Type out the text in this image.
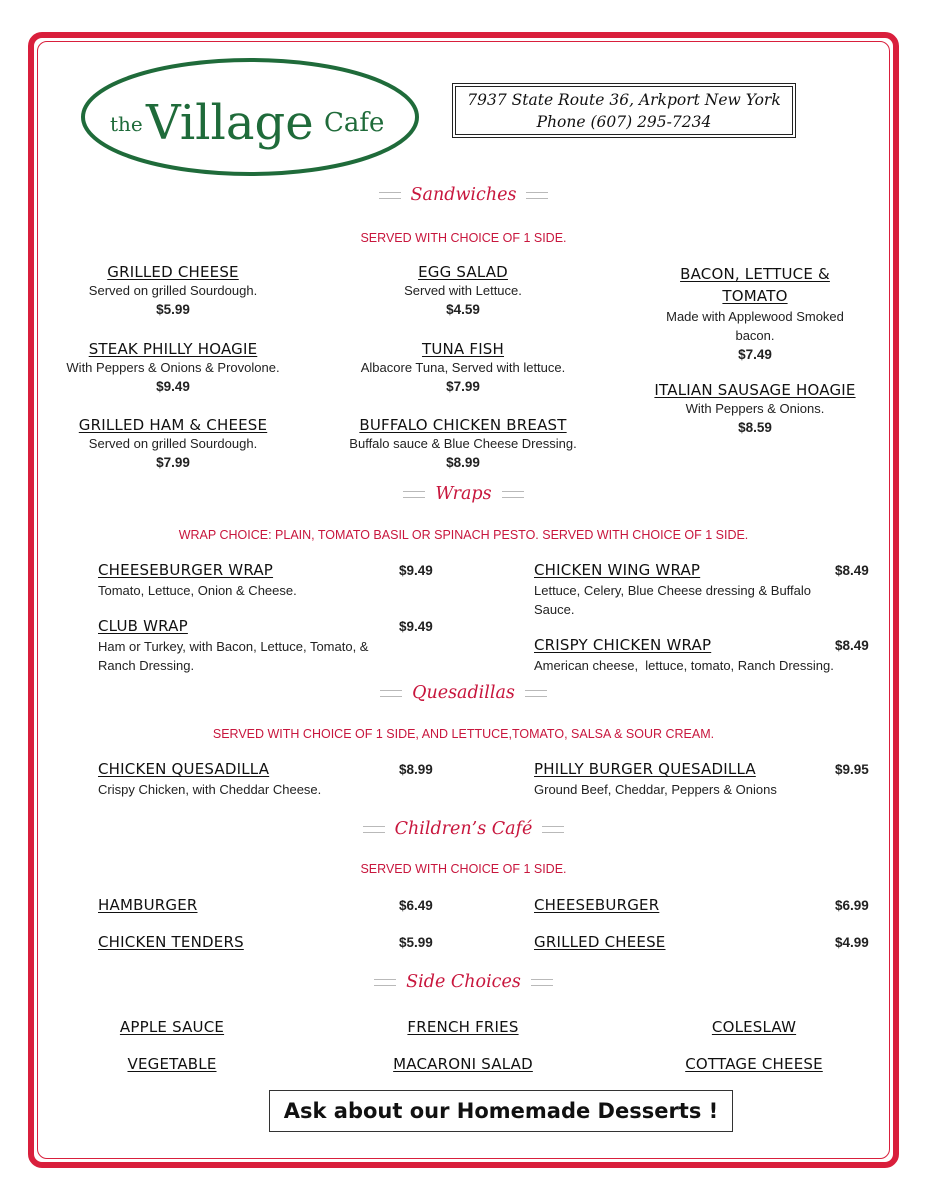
the Village Cafe
7937 State Route 36, Arkport New York
Phone (607) 295-7234
Sandwiches
SERVED WITH CHOICE OF 1 SIDE.
GRILLED CHEESE
Served on grilled Sourdough.
$5.99
STEAK PHILLY HOAGIE
With Peppers & Onions & Provolone.
$9.49
GRILLED HAM & CHEESE
Served on grilled Sourdough.
$7.99
EGG SALAD
Served with Lettuce.
$4.59
TUNA FISH
Albacore Tuna, Served with lettuce.
$7.99
BUFFALO CHICKEN BREAST
Buffalo sauce & Blue Cheese Dressing.
$8.99
BACON, LETTUCE & TOMATO
Made with Applewood Smoked bacon.
$7.49
ITALIAN SAUSAGE HOAGIE
With Peppers & Onions.
$8.59
Wraps
WRAP CHOICE: PLAIN, TOMATO BASIL OR SPINACH PESTO. SERVED WITH CHOICE OF 1 SIDE.
CHEESEBURGER WRAP	$9.49
Tomato, Lettuce, Onion & Cheese.
CLUB WRAP	$9.49
Ham or Turkey, with Bacon, Lettuce, Tomato, & Ranch Dressing.
CHICKEN WING WRAP	$8.49
Lettuce, Celery, Blue Cheese dressing & Buffalo Sauce.
CRISPY CHICKEN WRAP	$8.49
American cheese,  lettuce, tomato, Ranch Dressing.
Quesadillas
SERVED WITH CHOICE OF 1 SIDE, AND LETTUCE,TOMATO, SALSA & SOUR CREAM.
CHICKEN QUESADILLA	$8.99
Crispy Chicken, with Cheddar Cheese.
PHILLY BURGER QUESADILLA	$9.95
Ground Beef, Cheddar, Peppers & Onions
Children’s Café
SERVED WITH CHOICE OF 1 SIDE.
HAMBURGER	$6.49
CHICKEN TENDERS	$5.99
CHEESEBURGER	$6.99
GRILLED CHEESE	$4.99
Side Choices
APPLE SAUCE	FRENCH FRIES	COLESLAW
VEGETABLE	MACARONI SALAD	COTTAGE CHEESE
Ask about our Homemade Desserts !
